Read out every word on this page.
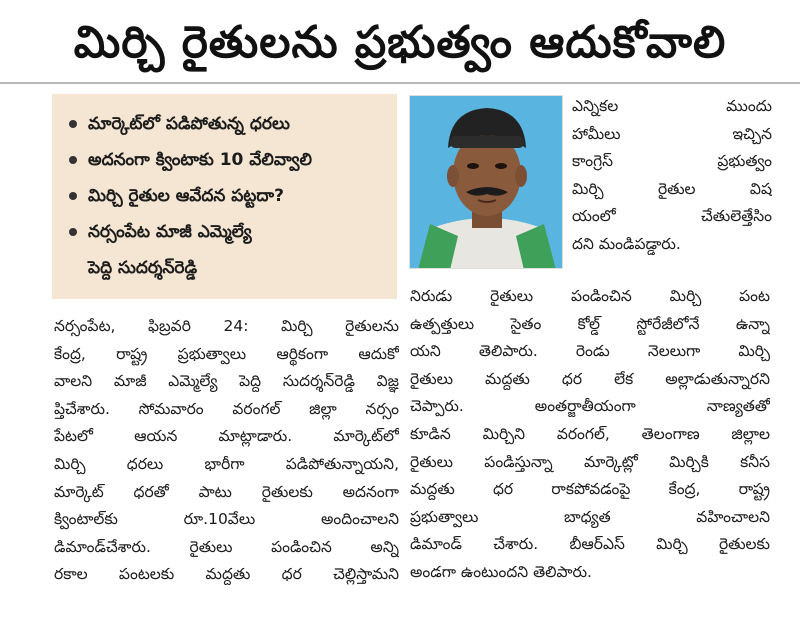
మిర్చి రైతులను ప్రభుత్వం ఆదుకోవాలి
మార్కెట్‌లో పడిపోతున్న ధరలు
అదనంగా క్వింటాకు 10 వేలివ్వాలి
మిర్చి రైతుల ఆవేదన పట్టదా?
నర్సంపేట మాజీ ఎమ్మెల్యే
పెద్ది సుదర్శన్‌రెడ్డి
ఎన్నికల ముందు
హామీలు ఇచ్చిన
కాంగ్రెస్ ప్రభుత్వం
మిర్చి రైతుల విష
యంలో చేతులెత్తేసిం
దని మండిపడ్డారు.
నర్సంపేట, ఫిబ్రవరి 24: మిర్చి రైతులను
కేంద్ర, రాష్ట్ర ప్రభుత్వాలు ఆర్థికంగా ఆదుకో
వాలని మాజీ ఎమ్మెల్యే పెద్ది సుదర్శన్‌రెడ్డి విజ్ఞ
ప్తిచేశారు. సోమవారం వరంగల్ జిల్లా నర్సం
పేటలో ఆయన మాట్లాడారు. మార్కెట్‌లో
మిర్చి ధరలు భారీగా పడిపోతున్నాయని,
మార్కెట్ ధరతో పాటు రైతులకు అదనంగా
క్వింటాల్‌కు రూ.10వేలు అందించాలని
డిమాండ్‌చేశారు. రైతులు పండించిన అన్ని
రకాల పంటలకు మద్దతు ధర చెల్లిస్తామని
నిరుడు రైతులు పండించిన మిర్చి పంట
ఉత్పత్తులు సైతం కోల్డ్ స్టోరేజీలోనే ఉన్నా
యని తెలిపారు. రెండు నెలలుగా మిర్చి
రైతులు మద్దతు ధర లేక అల్లాడుతున్నారని
చెప్పారు. అంతర్జాతీయంగా నాణ్యతతో
కూడిన మిర్చిని వరంగల్, తెలంగాణ జిల్లాల
రైతులు పండిస్తున్నా మార్కెట్లో మిర్చికి కనీస
మద్దతు ధర రాకపోవడంపై కేంద్ర, రాష్ట్ర
ప్రభుత్వాలు బాధ్యత వహించాలని
డిమాండ్ చేశారు. బీఆర్ఎస్ మిర్చి రైతులకు
అండగా ఉంటుందని తెలిపారు.
